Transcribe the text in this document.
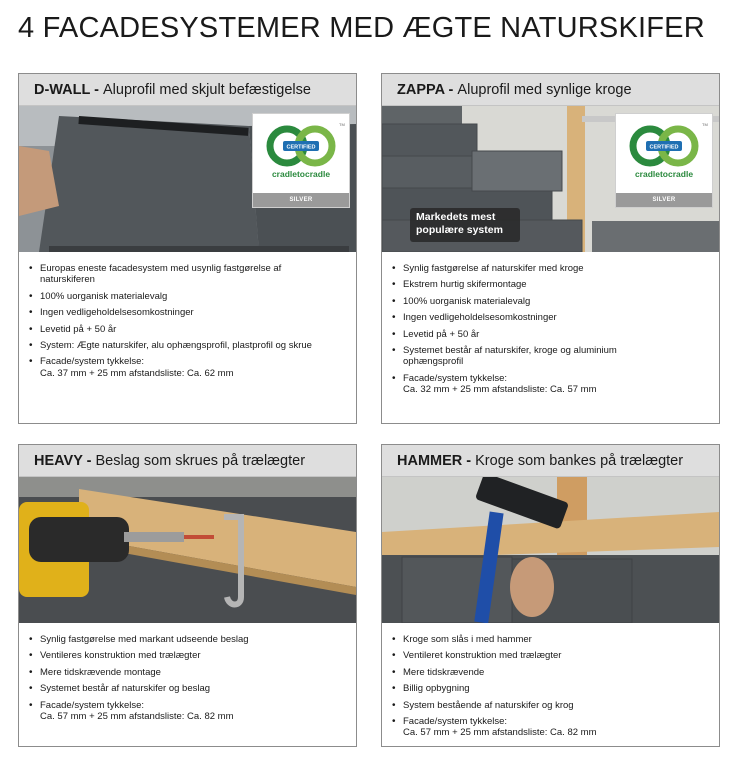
4 FACADESYSTEMER MED ÆGTE NATURSKIFER
D-WALL - Aluprofil med skjult befæstigelse
CERTIFIED
TM
cradletocradle
SILVER
• Europas eneste facadesystem med usynlig fastgørelse af naturskiferen
• 100% uorganisk materialevalg
• Ingen vedligeholdelsesomkostninger
• Levetid på + 50 år
• System: Ægte naturskifer, alu ophængsprofil, plastprofil og skrue
• Facade/system tykkelse:
Ca. 37 mm + 25 mm afstandsliste: Ca. 62 mm
ZAPPA - Aluprofil med synlige kroge
Markedets mest populære system
CERTIFIED
TM
cradletocradle
SILVER
• Synlig fastgørelse af naturskifer med kroge
• Ekstrem hurtig skifermontage
• 100% uorganisk materialevalg
• Ingen vedligeholdelsesomkostninger
• Levetid på + 50 år
• Systemet består af naturskifer, kroge og aluminium ophængsprofil
• Facade/system tykkelse:
Ca. 32 mm + 25 mm afstandsliste: Ca. 57 mm
HEAVY - Beslag som skrues på trælægter
• Synlig fastgørelse med markant udseende beslag
• Ventileres konstruktion med trælægter
• Mere tidskrævende montage
• Systemet består af naturskifer og beslag
• Facade/system tykkelse:
Ca. 57 mm + 25 mm afstandsliste: Ca. 82 mm
HAMMER - Kroge som bankes på trælægter
• Kroge som slås i med hammer
• Ventileret konstruktion med trælægter
• Mere tidskrævende
• Billig opbygning
• System bestående af naturskifer og krog
• Facade/system tykkelse:
Ca. 57 mm + 25 mm afstandsliste: Ca. 82 mm
